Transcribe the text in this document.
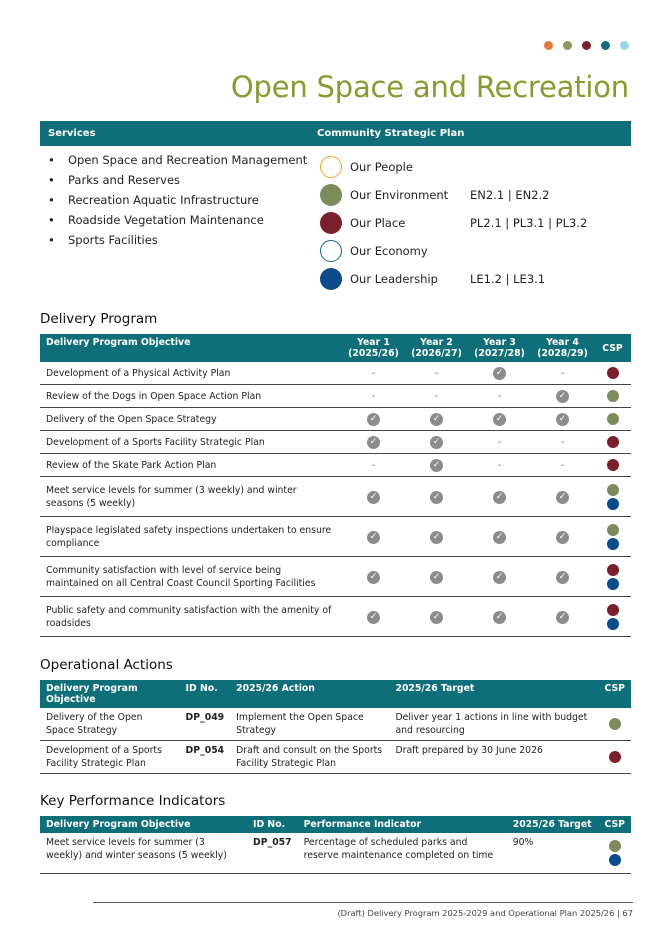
Open Space and Recreation
Services	Community Strategic Plan
• Open Space and Recreation Management
• Parks and Reserves
• Recreation Aquatic Infrastructure
• Roadside Vegetation Maintenance
• Sports Facilities
Our People
Our Environment	EN2.1 | EN2.2
Our Place	PL2.1 | PL3.1 | PL3.2
Our Economy
Our Leadership	LE1.2 | LE3.1
Delivery Program
Delivery Program Objective	Year 1 (2025/26)	Year 2 (2026/27)	Year 3 (2027/28)	Year 4 (2028/29)	CSP
Development of a Physical Activity Plan	-	-	✓	-	

Review of the Dogs in Open Space Action Plan	-	-	-	✓	

Delivery of the Open Space Strategy	✓	✓	✓	✓	

Development of a Sports Facility Strategic Plan	✓	✓	-	-	

Review of the Skate Park Action Plan	-	✓	-	-	

Meet service levels for summer (3 weekly) and winter seasons (5 weekly)	✓	✓	✓	✓	

Playspace legislated safety inspections undertaken to ensure compliance	✓	✓	✓	✓	

Community satisfaction with level of service being maintained on all Central Coast Council Sporting Facilities	✓	✓	✓	✓	

Public safety and community satisfaction with the amenity of roadsides	✓	✓	✓	✓	
Operational Actions
Delivery Program Objective	ID No.	2025/26 Action	2025/26 Target	CSP
Delivery of the Open Space Strategy	DP_049	Implement the Open Space Strategy	Deliver year 1 actions in line with budget and resourcing	

Development of a Sports Facility Strategic Plan	DP_054	Draft and consult on the Sports Facility Strategic Plan	Draft prepared by 30 June 2026	
Key Performance Indicators
Delivery Program Objective	ID No.	Performance Indicator	2025/26 Target	CSP
Meet service levels for summer (3 weekly) and winter seasons (5 weekly)	DP_057	Percentage of scheduled parks and reserve maintenance completed on time	90%	
(Draft) Delivery Program 2025-2029 and Operational Plan 2025/26 | 67
